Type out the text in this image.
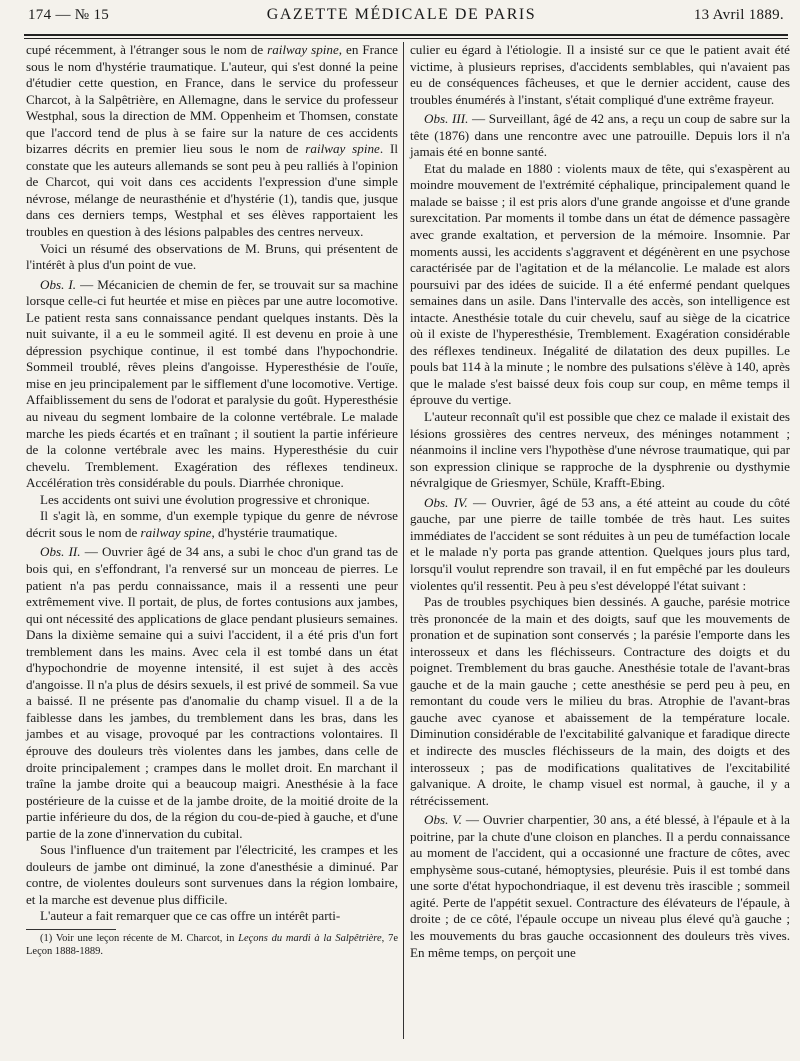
174 — № 15	GAZETTE MÉDICALE DE PARIS	13 Avril 1889.

cupé récemment, à l'étranger sous le nom de railway spine, en France sous le nom d'hystérie traumatique. L'auteur, qui s'est donné la peine d'étudier cette question, en France, dans le service du professeur Charcot, à la Salpêtrière, en Allemagne, dans le service du professeur Westphal, sous la direction de MM. Oppenheim et Thomsen, constate que l'accord tend de plus à se faire sur la nature de ces accidents bizarres décrits en premier lieu sous le nom de railway spine. Il constate que les auteurs allemands se sont peu à peu ralliés à l'opinion de Charcot, qui voit dans ces accidents l'expression d'une simple névrose, mélange de neurasthénie et d'hystérie (1), tandis que, jusque dans ces derniers temps, Westphal et ses élèves rapportaient les troubles en question à des lésions palpables des centres nerveux.

Voici un résumé des observations de M. Bruns, qui présentent de l'intérêt à plus d'un point de vue.

Obs. I. — Mécanicien de chemin de fer, se trouvait sur sa machine lorsque celle-ci fut heurtée et mise en pièces par une autre locomotive. Le patient resta sans connaissance pendant quelques instants. Dès la nuit suivante, il a eu le sommeil agité. Il est devenu en proie à une dépression psychique continue, il est tombé dans l'hypochondrie. Sommeil troublé, rêves pleins d'angoisse. Hyperesthésie de l'ouïe, mise en jeu principalement par le sifflement d'une locomotive. Vertige. Affaiblissement du sens de l'odorat et paralysie du goût. Hyperesthésie au niveau du segment lombaire de la colonne vertébrale. Le malade marche les pieds écartés et en traînant ; il soutient la partie inférieure de la colonne vertébrale avec les mains. Hyperesthésie du cuir chevelu. Tremblement. Exagération des réflexes tendineux. Accélération très considérable du pouls. Diarrhée chronique.

Les accidents ont suivi une évolution progressive et chronique.

Il s'agit là, en somme, d'un exemple typique du genre de névrose décrit sous le nom de railway spine, d'hystérie traumatique.

Obs. II. — Ouvrier âgé de 34 ans, a subi le choc d'un grand tas de bois qui, en s'effondrant, l'a renversé sur un monceau de pierres. Le patient n'a pas perdu connaissance, mais il a ressenti une peur extrêmement vive. Il portait, de plus, de fortes contusions aux jambes, qui ont nécessité des applications de glace pendant plusieurs semaines. Dans la dixième semaine qui a suivi l'accident, il a été pris d'un fort tremblement dans les mains. Avec cela il est tombé dans un état d'hypochondrie de moyenne intensité, il est sujet à des accès d'angoisse. Il n'a plus de désirs sexuels, il est privé de sommeil. Sa vue a baissé. Il ne présente pas d'anomalie du champ visuel. Il a de la faiblesse dans les jambes, du tremblement dans les bras, dans les jambes et au visage, provoqué par les contractions volontaires. Il éprouve des douleurs très violentes dans les jambes, dans celle de droite principalement ; crampes dans le mollet droit. En marchant il traîne la jambe droite qui a beaucoup maigri. Anesthésie à la face postérieure de la cuisse et de la jambe droite, de la moitié droite de la partie inférieure du dos, de la région du cou-de-pied à gauche, et d'une partie de la zone d'innervation du cubital.

Sous l'influence d'un traitement par l'électricité, les crampes et les douleurs de jambe ont diminué, la zone d'anesthésie a diminué. Par contre, de violentes douleurs sont survenues dans la région lombaire, et la marche est devenue plus difficile.

L'auteur a fait remarquer que ce cas offre un intérêt parti-

(1) Voir une leçon récente de M. Charcot, in Leçons du mardi à la Salpêtrière, 7e Leçon 1888-1889.

culier eu égard à l'étiologie. Il a insisté sur ce que le patient avait été victime, à plusieurs reprises, d'accidents semblables, qui n'avaient pas eu de conséquences fâcheuses, et que le dernier accident, cause des troubles énumérés à l'instant, s'était compliqué d'une extrême frayeur.

Obs. III. — Surveillant, âgé de 42 ans, a reçu un coup de sabre sur la tête (1876) dans une rencontre avec une patrouille. Depuis lors il n'a jamais été en bonne santé.

Etat du malade en 1880 : violents maux de tête, qui s'exaspèrent au moindre mouvement de l'extrémité céphalique, principalement quand le malade se baisse ; il est pris alors d'une grande angoisse et d'une grande surexcitation. Par moments il tombe dans un état de démence passagère avec grande exaltation, et perversion de la mémoire. Insomnie. Par moments aussi, les accidents s'aggravent et dégénèrent en une psychose caractérisée par de l'agitation et de la mélancolie. Le malade est alors poursuivi par des idées de suicide. Il a été enfermé pendant quelques semaines dans un asile. Dans l'intervalle des accès, son intelligence est intacte. Anesthésie totale du cuir chevelu, sauf au siège de la cicatrice où il existe de l'hyperesthésie, Tremblement. Exagération considérable des réflexes tendineux. Inégalité de dilatation des deux pupilles. Le pouls bat 114 à la minute ; le nombre des pulsations s'élève à 140, après que le malade s'est baissé deux fois coup sur coup, en même temps il éprouve du vertige.

L'auteur reconnaît qu'il est possible que chez ce malade il existait des lésions grossières des centres nerveux, des méninges notamment ; néanmoins il incline vers l'hypothèse d'une névrose traumatique, qui par son expression clinique se rapproche de la dysphrenie ou dysthymie névralgique de Griesmyer, Schüle, Krafft-Ebing.

Obs. IV. — Ouvrier, âgé de 53 ans, a été atteint au coude du côté gauche, par une pierre de taille tombée de très haut. Les suites immédiates de l'accident se sont réduites à un peu de tuméfaction locale et le malade n'y porta pas grande attention. Quelques jours plus tard, lorsqu'il voulut reprendre son travail, il en fut empêché par les douleurs violentes qu'il ressentit. Peu à peu s'est développé l'état suivant :

Pas de troubles psychiques bien dessinés. A gauche, parésie motrice très prononcée de la main et des doigts, sauf que les mouvements de pronation et de supination sont conservés ; la parésie l'emporte dans les interosseux et dans les fléchisseurs. Contracture des doigts et du poignet. Tremblement du bras gauche. Anesthésie totale de l'avant-bras gauche et de la main gauche ; cette anesthésie se perd peu à peu, en remontant du coude vers le milieu du bras. Atrophie de l'avant-bras gauche avec cyanose et abaissement de la température locale. Diminution considérable de l'excitabilité galvanique et faradique directe et indirecte des muscles fléchisseurs de la main, des doigts et des interosseux ; pas de modifications qualitatives de l'excitabilité galvanique. A droite, le champ visuel est normal, à gauche, il y a rétrécissement.

Obs. V. — Ouvrier charpentier, 30 ans, a été blessé, à l'épaule et à la poitrine, par la chute d'une cloison en planches. Il a perdu connaissance au moment de l'accident, qui a occasionné une fracture de côtes, avec emphysème sous-cutané, hémoptysies, pleurésie. Puis il est tombé dans une sorte d'état hypochondriaque, il est devenu très irascible ; sommeil agité. Perte de l'appétit sexuel. Contracture des élévateurs de l'épaule, à droite ; de ce côté, l'épaule occupe un niveau plus élevé qu'à gauche ; les mouvements du bras gauche occasionnent des douleurs très vives. En même temps, on perçoit une
